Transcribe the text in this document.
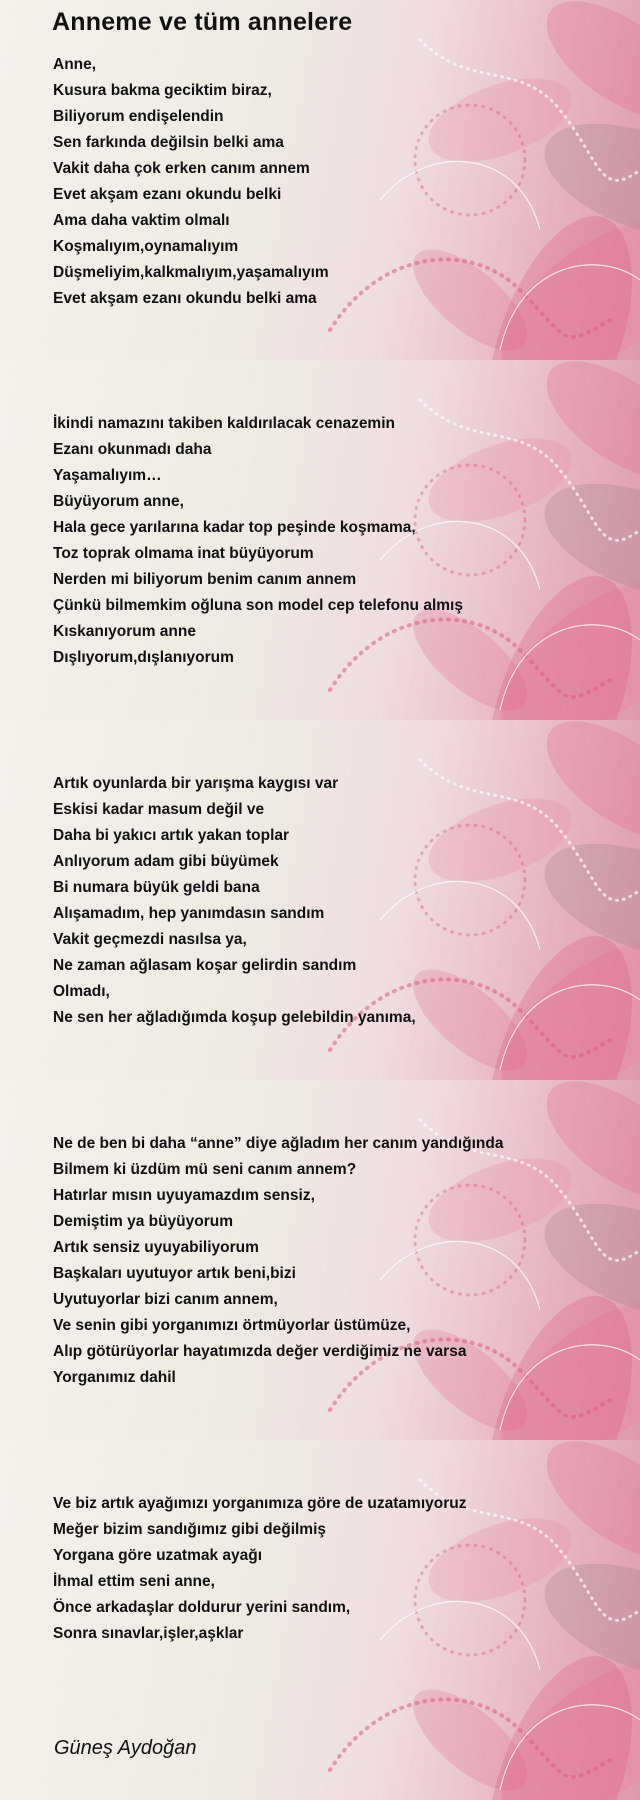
Anneme ve tüm annelere
Anne,
Kusura bakma geciktim biraz,
Biliyorum endişelendin
Sen farkında değilsin belki ama
Vakit daha çok erken canım annem
Evet akşam ezanı okundu belki
Ama daha vaktim olmalı
Koşmalıyım,oynamalıyım
Düşmeliyim,kalkmalıyım,yaşamalıyım
Evet akşam ezanı okundu belki ama
İkindi namazını takiben kaldırılacak cenazemin
Ezanı okunmadı daha
Yaşamalıyım…
Büyüyorum anne,
Hala gece yarılarına kadar top peşinde koşmama,
Toz toprak olmama inat büyüyorum
Nerden mi biliyorum benim canım annem
Çünkü bilmemkim oğluna son model cep telefonu almış
Kıskanıyorum anne
Dışlıyorum,dışlanıyorum
Artık oyunlarda bir yarışma kaygısı var
Eskisi kadar masum değil ve
Daha bi yakıcı artık yakan toplar
Anlıyorum adam gibi büyümek
Bi numara büyük geldi bana
Alışamadım, hep yanımdasın sandım
Vakit geçmezdi nasılsa ya,
Ne zaman ağlasam koşar gelirdin sandım
Olmadı,
Ne sen her ağladığımda koşup gelebildin yanıma,
Ne de ben bi daha “anne” diye ağladım her canım yandığında
Bilmem ki üzdüm mü seni canım annem?
Hatırlar mısın uyuyamazdım sensiz,
Demiştim ya büyüyorum
Artık sensiz uyuyabiliyorum
Başkaları uyutuyor artık beni,bizi
Uyutuyorlar bizi canım annem,
Ve senin gibi yorganımızı örtmüyorlar üstümüze,
Alıp götürüyorlar hayatımızda değer verdiğimiz ne varsa
Yorganımız dahil
Ve biz artık ayağımızı yorganımıza göre de uzatamıyoruz
Meğer bizim sandığımız gibi değilmiş
Yorgana göre uzatmak ayağı
İhmal ettim seni anne,
Önce arkadaşlar doldurur yerini sandım,
Sonra sınavlar,işler,aşklar
Güneş Aydoğan
